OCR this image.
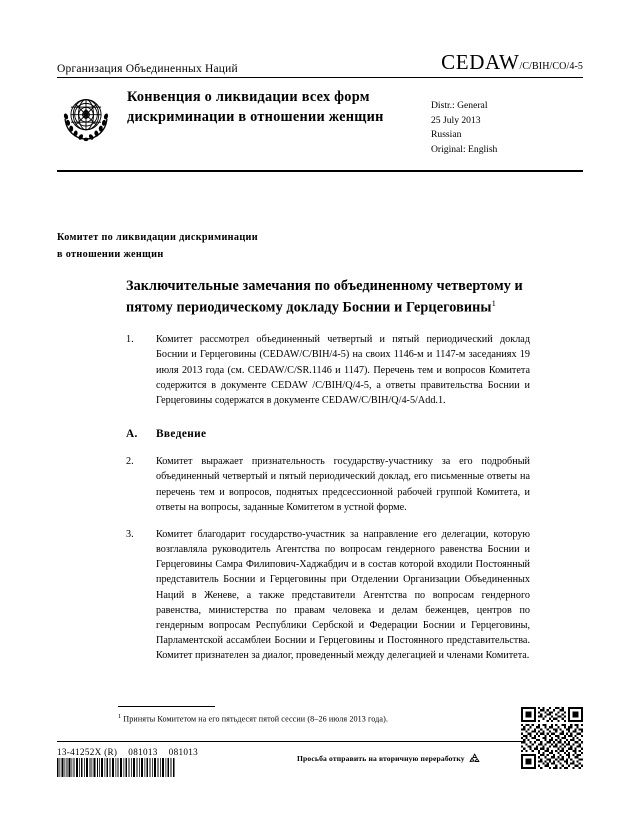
Организация Объединенных Наций	CEDAW/C/BIH/CO/4-5
Конвенция о ликвидации всех форм дискриминации в отношении женщин
Distr.: General
25 July 2013
Russian
Original: English
Комитет по ликвидации дискриминации
в отношении женщин
Заключительные замечания по объединенному четвертому и пятому периодическому докладу Боснии и Герцеговины$^1$

1. Комитет рассмотрел объединенный четвертый и пятый периодический доклад Боснии и Герцеговины (CEDAW/C/BIH/4-5) на своих 1146-м и 1147-м заседаниях 19 июля 2013 года (см. CEDAW/C/SR.1146 и 1147). Перечень тем и вопросов Комитета содержится в документе CEDAW /C/BIH/Q/4-5, а ответы правительства Боснии и Герцеговины содержатся в документе CEDAW/C/BIH/Q/4-5/Add.1.

A. Введение

2. Комитет выражает признательность государству-участнику за его подробный объединенный четвертый и пятый периодический доклад, его письменные ответы на перечень тем и вопросов, поднятых предсессионной рабочей группой Комитета, и ответы на вопросы, заданные Комитетом в устной форме.

3. Комитет благодарит государство-участник за направление его делегации, которую возглавляла руководитель Агентства по вопросам гендерного равенства Боснии и Герцеговины Самра Филипович-Хаджабдич и в состав которой входили Постоянный представитель Боснии и Герцеговины при Отделении Организации Объединенных Наций в Женеве, а также представители Агентства по вопросам гендерного равенства, министерства по правам человека и делам беженцев, центров по гендерным вопросам Республики Сербской и Федерации Боснии и Герцеговины, Парламентской ассамблеи Боснии и Герцеговины и Постоянного представительства. Комитет признателен за диалог, проведенный между делегацией и членами Комитета.

$^1$ Приняты Комитетом на его пятьдесят пятой сессии (8–26 июля 2013 года).
13-41252X (R) 081013 081013
Просьба отправить на вторичную переработку
